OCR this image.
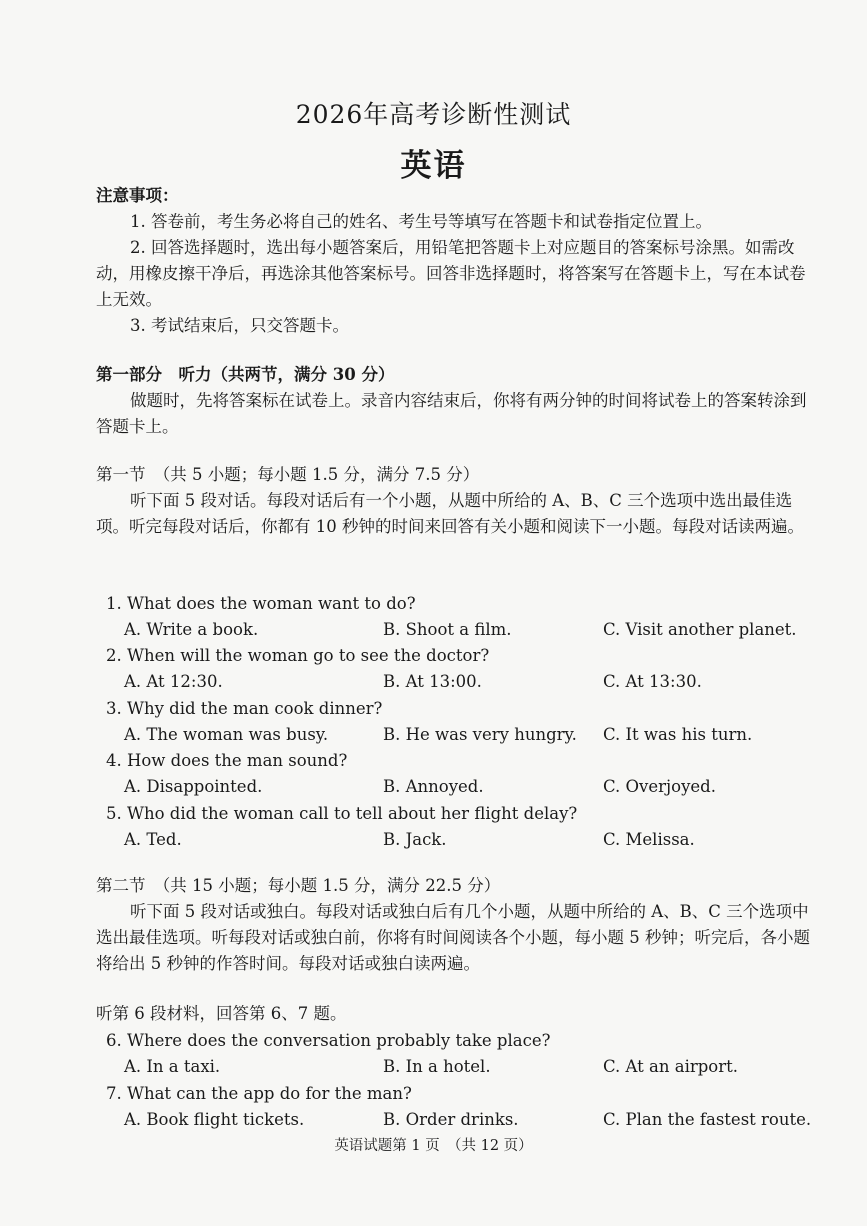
2026年高考诊断性测试
英语

注意事项：

1. 答卷前，考生务必将自己的姓名、考生号等填写在答题卡和试卷指定位置上。

2. 回答选择题时，选出每小题答案后，用铅笔把答题卡上对应题目的答案标号涂黑。如需改动，用橡皮擦干净后，再选涂其他答案标号。回答非选择题时，将答案写在答题卡上，写在本试卷上无效。

3. 考试结束后，只交答题卡。

第一部分　听力（共两节，满分 30 分）

做题时，先将答案标在试卷上。录音内容结束后，你将有两分钟的时间将试卷上的答案转涂到答题卡上。

第一节　（共 5 小题；每小题 1.5 分，满分 7.5 分）

听下面 5 段对话。每段对话后有一个小题，从题中所给的 A、B、C 三个选项中选出最佳选项。听完每段对话后，你都有 10 秒钟的时间来回答有关小题和阅读下一小题。每段对话读两遍。

1. What does the woman want to do?
A. Write a book.	B. Shoot a film.	C. Visit another planet.
2. When will the woman go to see the doctor?
A. At 12:30.	B. At 13:00.	C. At 13:30.
3. Why did the man cook dinner?
A. The woman was busy.	B. He was very hungry. C. It was his turn.
4. How does the man sound?
A. Disappointed.	B. Annoyed.	C. Overjoyed.
5. Who did the woman call to tell about her flight delay?
A. Ted.	B. Jack.	C. Melissa.

第二节　（共 15 小题；每小题 1.5 分，满分 22.5 分）

听下面 5 段对话或独白。每段对话或独白后有几个小题，从题中所给的 A、B、C 三个选项中选出最佳选项。听每段对话或独白前，你将有时间阅读各个小题，每小题 5 秒钟；听完后，各小题将给出 5 秒钟的作答时间。每段对话或独白读两遍。

听第 6 段材料，回答第 6、7 题。
6. Where does the conversation probably take place?
A. In a taxi.	B. In a hotel.	C. At an airport.
7. What can the app do for the man?
A. Book flight tickets.	B. Order drinks.	C. Plan the fastest route.
英语试题第 1 页　（共 12 页）
